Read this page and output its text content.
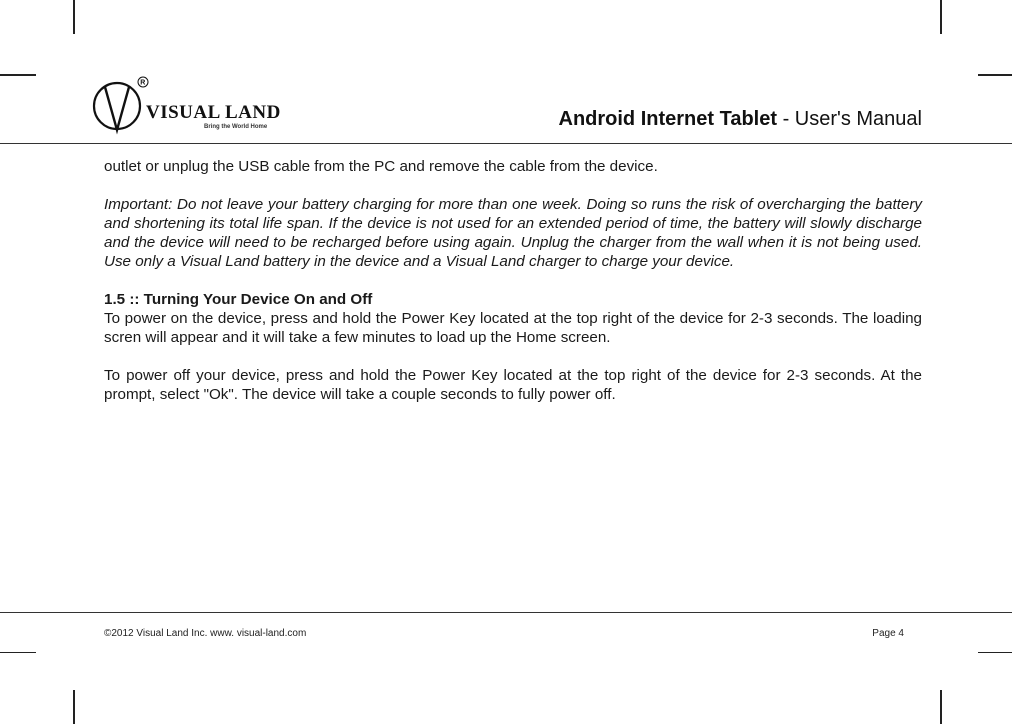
R
VISUAL LAND
Bring the World Home	Android Internet Tablet - User's Manual

outlet or unplug the USB cable from the PC and remove the cable from the device.

Important: Do not leave your battery charging for more than one week. Doing so runs the risk of overcharging the battery and shortening its total life span. If the device is not used for an extended period of time, the battery will slowly discharge and the device will need to be recharged before using again. Unplug the charger from the wall when it is not being used. Use only a Visual Land battery in the device and a Visual Land charger to charge your device.

1.5 :: Turning Your Device On and Off

To power on the device, press and hold the Power Key located at the top right of the device for 2-3 seconds. The loading scren will appear and it will take a few minutes to load up the Home screen.

To power off your device, press and hold the Power Key located at the top right of the device for 2-3 seconds. At the prompt, select "Ok". The device will take a couple seconds to fully power off.

©2012 Visual Land Inc. www. visual-land.com	Page 4
